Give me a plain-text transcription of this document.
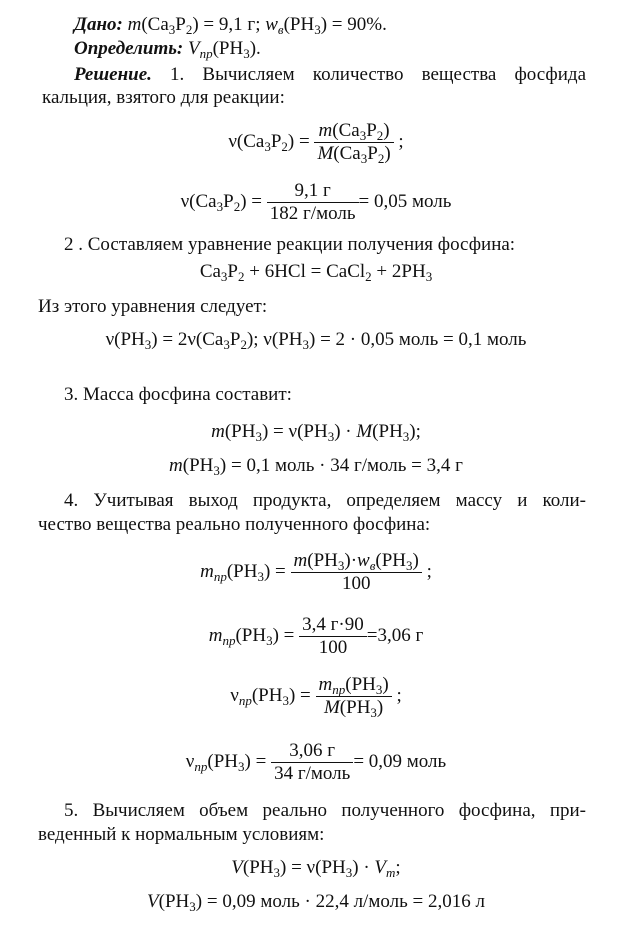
Дано: $m(Ca_3P_2) = 9,1$ г; $w_в(PH_3) = 90\%$.
Определить: $V_{пр}(PH_3)$.
Решение. 1. Вычисляем количество вещества фосфида
кальция, взятого для реакции:
$\nu(Ca_3P_2) = \frac{m(Ca_3P_2)}{M(Ca_3P_2)}$ ;
$\nu(Ca_3P_2) = \frac{9,1 г}{\text{182 г/моль}} = 0,05$ моль
2 . Составляем уравнение реакции получения фосфина:
$Ca_3P_2 + 6HCl$ = CaCl$_2$ + $2PH_3$
Из этого уравнения следует:
$\nu(PH_3) = 2\nu(Ca_3P_2)$; $\nu(PH_3) = 2 \cdot 0,05$ моль = 0,1 моль
3. Масса фосфина составит:
$m(PH_3) = \nu(PH_3) \cdot M(PH_3)$;
$m(PH_3) = 0,1$ моль · 34 г/моль = 3,4 г
4. Учитывая выход продукта, определяем массу и коли-
чество вещества реально полученного фосфина:
$m_{пр}(PH_3) = \frac{m(PH_3)\cdot w_в(PH_3)}{100}$ ;
$m_{пр}(PH_3) = \frac{3,4 г\cdot 90}{100} =3,06$ г
$\nu_{пр}(PH_3) = \frac{m_{пр}(PH_3)}{M(PH_3)}$ ;
$\nu_{пр}(PH_3) = \frac{3,06 г}{\text{34 г/моль}} = 0,09$ моль
5. Вычисляем объем реально полученного фосфина, при-
веденный к нормальным условиям:
$V(PH_3) = \nu(PH_3) \cdot V_m$;
$V(PH_3) = 0,09$ моль · 22,4 л/моль = 2,016 л
